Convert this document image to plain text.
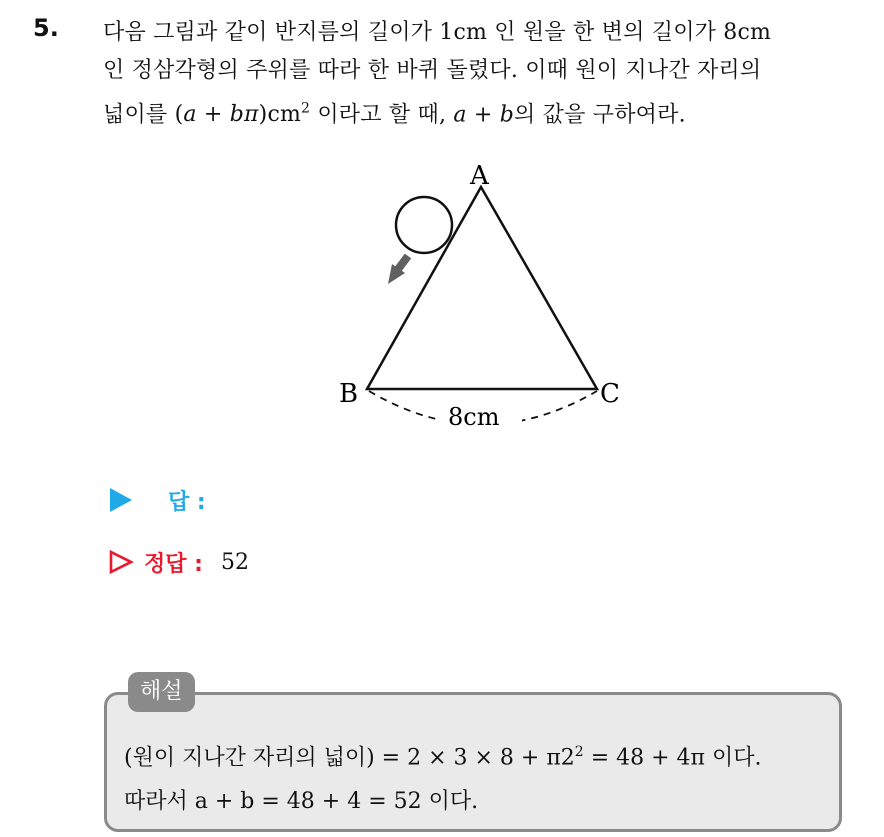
5. 다음 그림과 같이 반지름의 길이가 1cm 인 원을 한 변의 길이가 8cm
인 정삼각형의 주위를 따라 한 바퀴 돌렸다. 이때 원이 지나간 자리의
넓이를 $(a + b\pi)cm^2$ 이라고 할 때, a + b의 값을 구하여라.
A
B	C
8cm
답 :
정답 : 52
해설
(원이 지나간 자리의 넓이) = $2 \times 3 \times 8 + \pi 2^2 = 48 + 4\pi$ 이다.
따라서 a + b = 48 + 4 = 52 이다.
